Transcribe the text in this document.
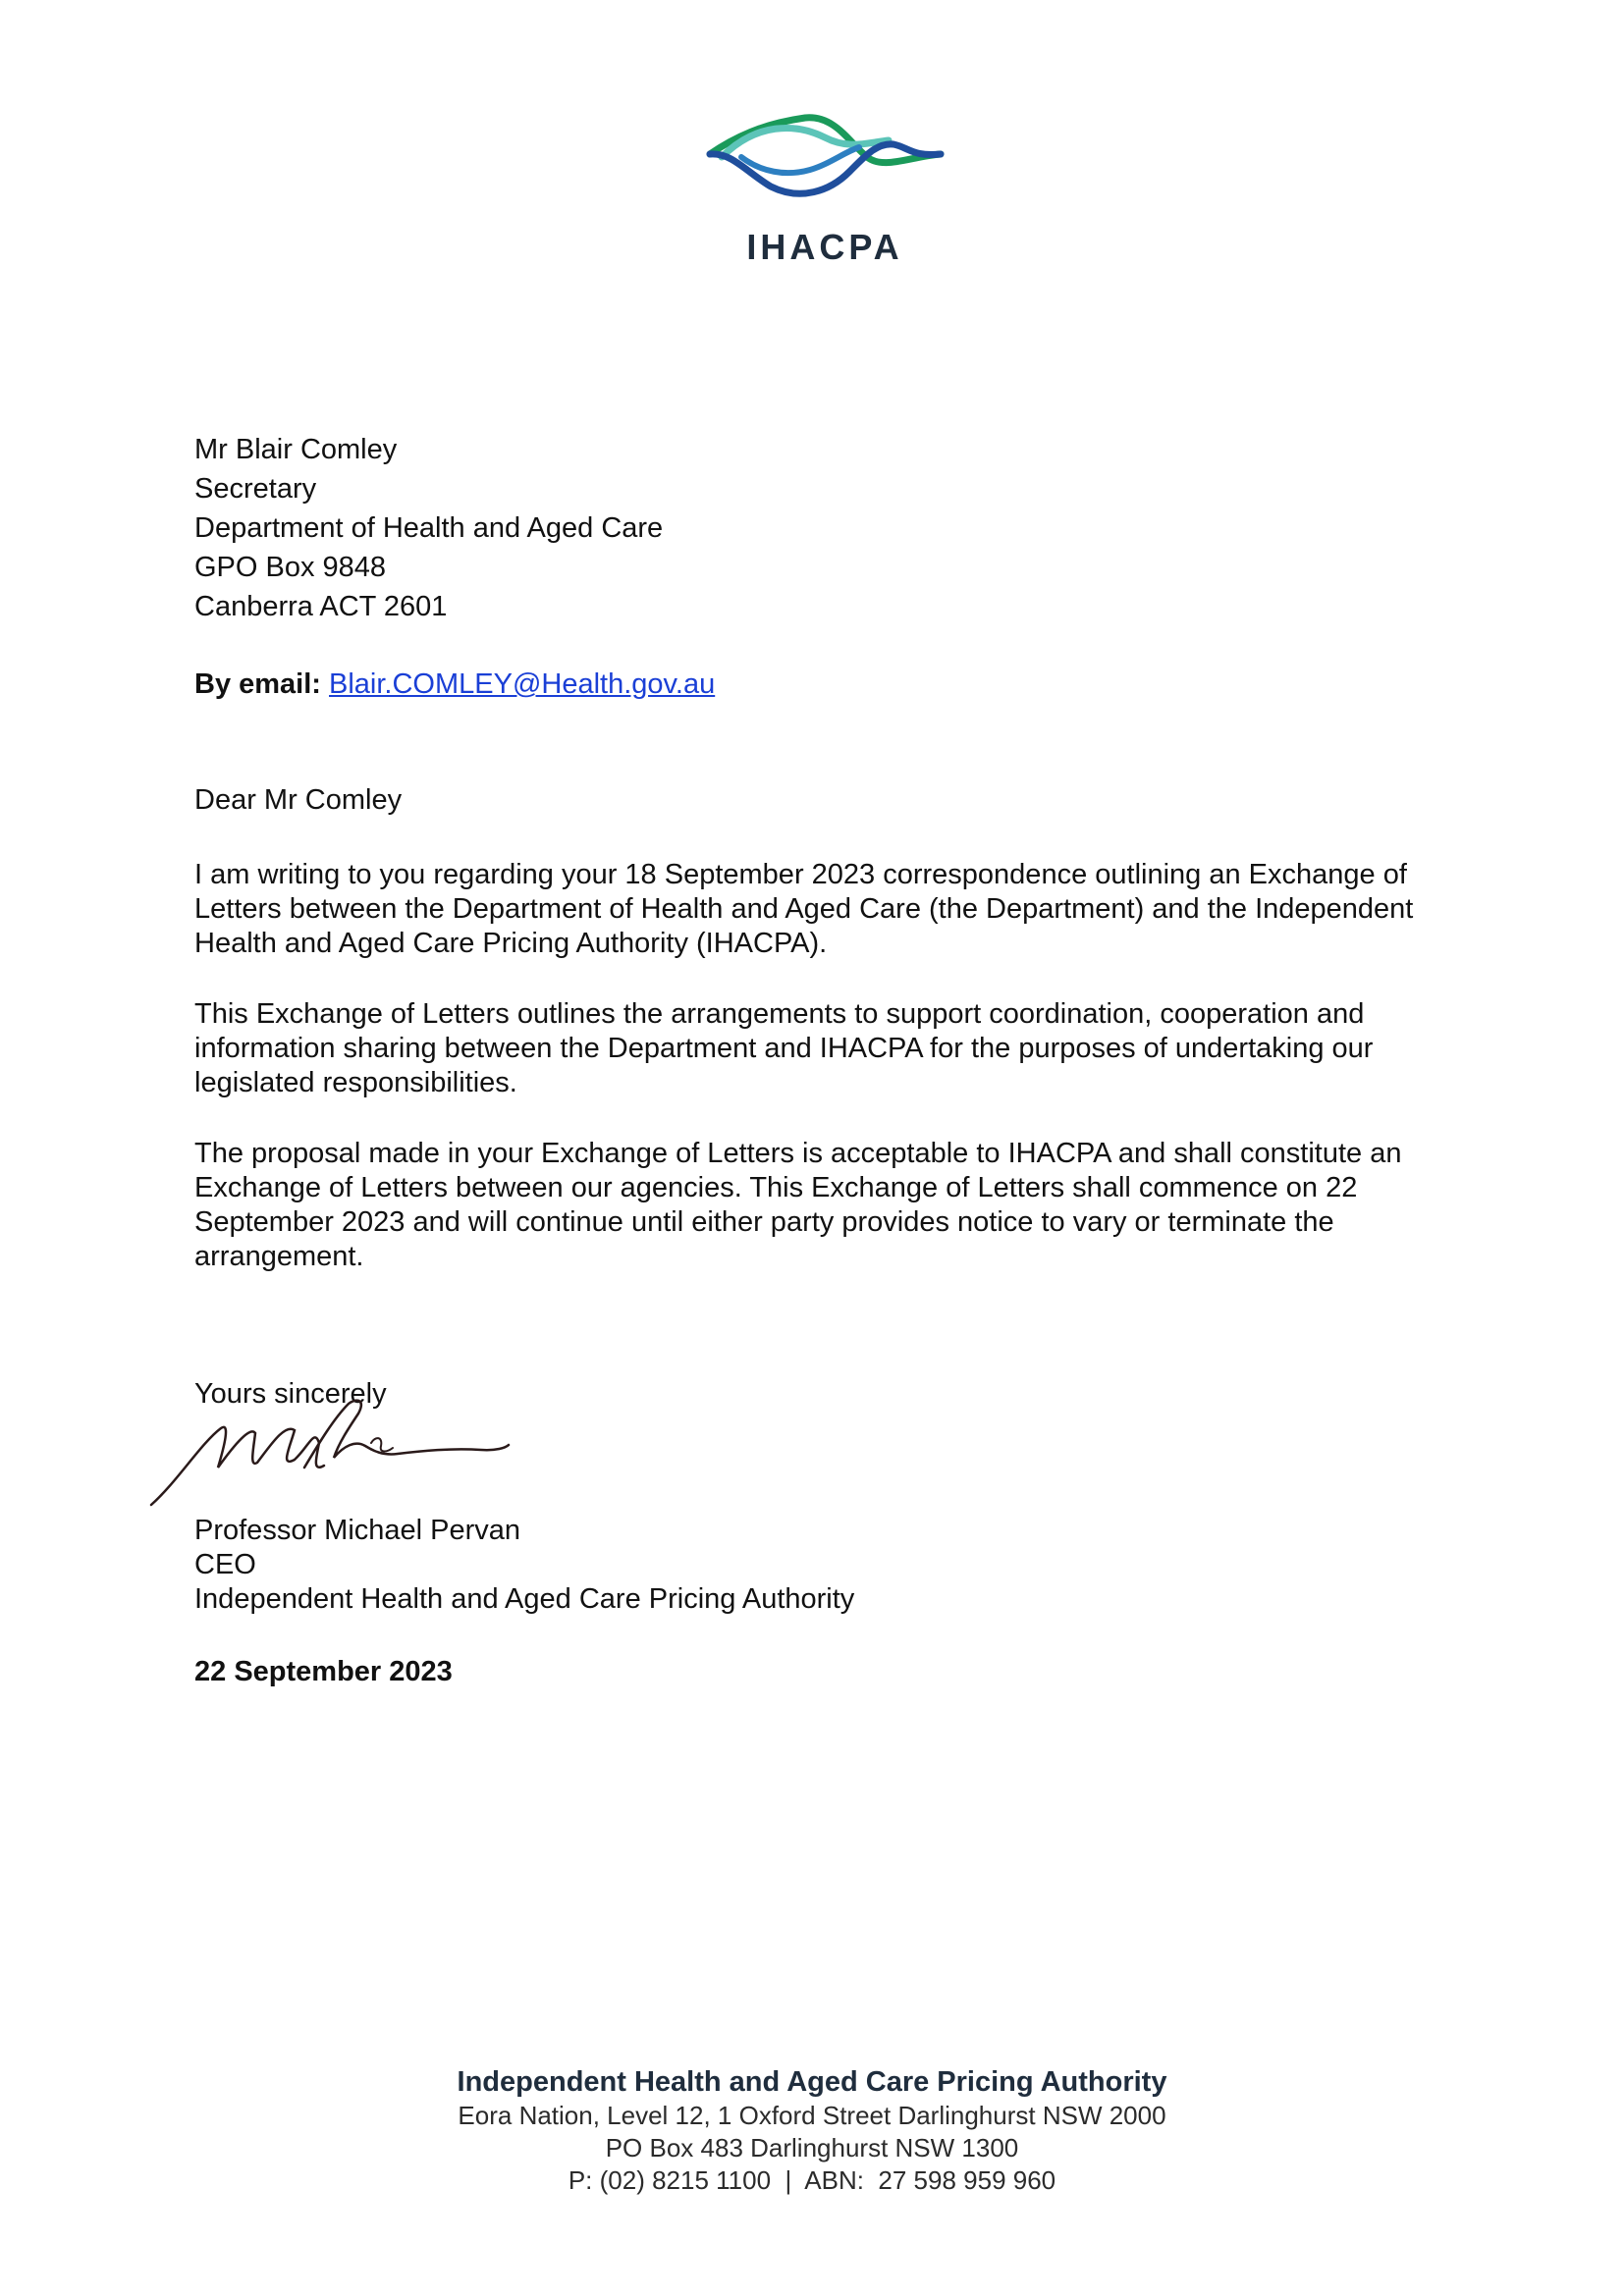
IHACPA
Mr Blair Comley
Secretary
Department of Health and Aged Care
GPO Box 9848
Canberra ACT 2601
By email: Blair.COMLEY@Health.gov.au
Dear Mr Comley

I am writing to you regarding your 18 September 2023 correspondence outlining an Exchange of Letters between the Department of Health and Aged Care (the Department) and the Independent Health and Aged Care Pricing Authority (IHACPA).

This Exchange of Letters outlines the arrangements to support coordination, cooperation and information sharing between the Department and IHACPA for the purposes of undertaking our legislated responsibilities.

The proposal made in your Exchange of Letters is acceptable to IHACPA and shall constitute an Exchange of Letters between our agencies. This Exchange of Letters shall commence on 22 September 2023 and will continue until either party provides notice to vary or terminate the arrangement.

Yours sincerely
Professor Michael Pervan
CEO
Independent Health and Aged Care Pricing Authority
22 September 2023
Independent Health and Aged Care Pricing Authority
Eora Nation, Level 12, 1 Oxford Street Darlinghurst NSW 2000
PO Box 483 Darlinghurst NSW 1300
P: (02) 8215 1100  |  ABN:  27 598 959 960
